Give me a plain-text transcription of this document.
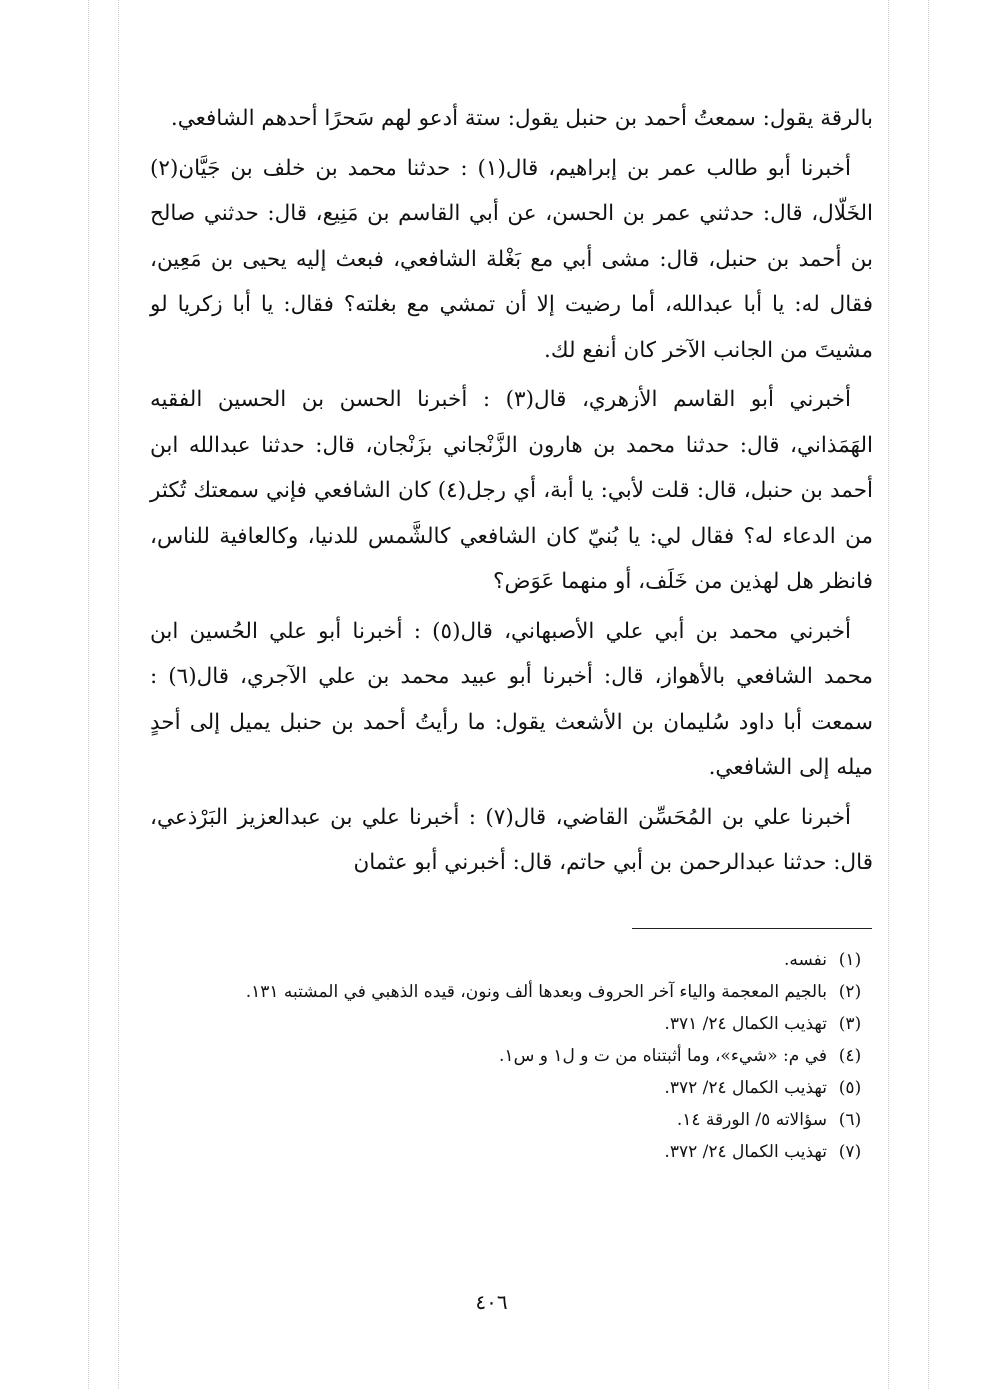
بالرقة يقول: سمعتُ أحمد بن حنبل يقول: ستة أدعو لهم سَحرًا أحدهم الشافعي.

أخبرنا أبو طالب عمر بن إبراهيم، قال(١) : حدثنا محمد بن خلف بن جَيَّان(٢) الخَلّال، قال: حدثني عمر بن الحسن، عن أبي القاسم بن مَنِيع، قال: حدثني صالح بن أحمد بن حنبل، قال: مشى أبي مع بَغْلة الشافعي، فبعث إليه يحيى بن مَعِين، فقال له: يا أبا عبدالله، أما رضيت إلا أن تمشي مع بغلته؟ فقال: يا أبا زكريا لو مشيتَ من الجانب الآخر كان أنفع لك.

أخبرني أبو القاسم الأزهري، قال(٣) : أخبرنا الحسن بن الحسين الفقيه الهَمَذاني، قال: حدثنا محمد بن هارون الزَّنْجاني بزَنْجان، قال: حدثنا عبدالله ابن أحمد بن حنبل، قال: قلت لأبي: يا أبة، أي رجل(٤) كان الشافعي فإني سمعتك تُكثر من الدعاء له؟ فقال لي: يا بُنيّ كان الشافعي كالشَّمس للدنيا، وكالعافية للناس، فانظر هل لهذين من خَلَف، أو منهما عَوَض؟

أخبرني محمد بن أبي علي الأصبهاني، قال(٥) : أخبرنا أبو علي الحُسين ابن محمد الشافعي بالأهواز، قال: أخبرنا أبو عبيد محمد بن علي الآجري، قال(٦) : سمعت أبا داود سُليمان بن الأشعث يقول: ما رأيتُ أحمد بن حنبل يميل إلى أحدٍ ميله إلى الشافعي.

أخبرنا علي بن المُحَسِّن القاضي، قال(٧) : أخبرنا علي بن عبدالعزيز البَرْذعي، قال: حدثنا عبدالرحمن بن أبي حاتم، قال: أخبرني أبو عثمان

(١)
نفسه.
(٢)
بالجيم المعجمة والياء آخر الحروف وبعدها ألف ونون، قيده الذهبي في المشتبه ١٣١.
(٣)
تهذيب الكمال ٢٤/ ٣٧١.
(٤)
في م: «شيء»، وما أثبتناه من ت و ل١ و س١.
(٥)
تهذيب الكمال ٢٤/ ٣٧٢.
(٦)
سؤالاته ٥/ الورقة ١٤.
(٧)
تهذيب الكمال ٢٤/ ٣٧٢.
٤٠٦
